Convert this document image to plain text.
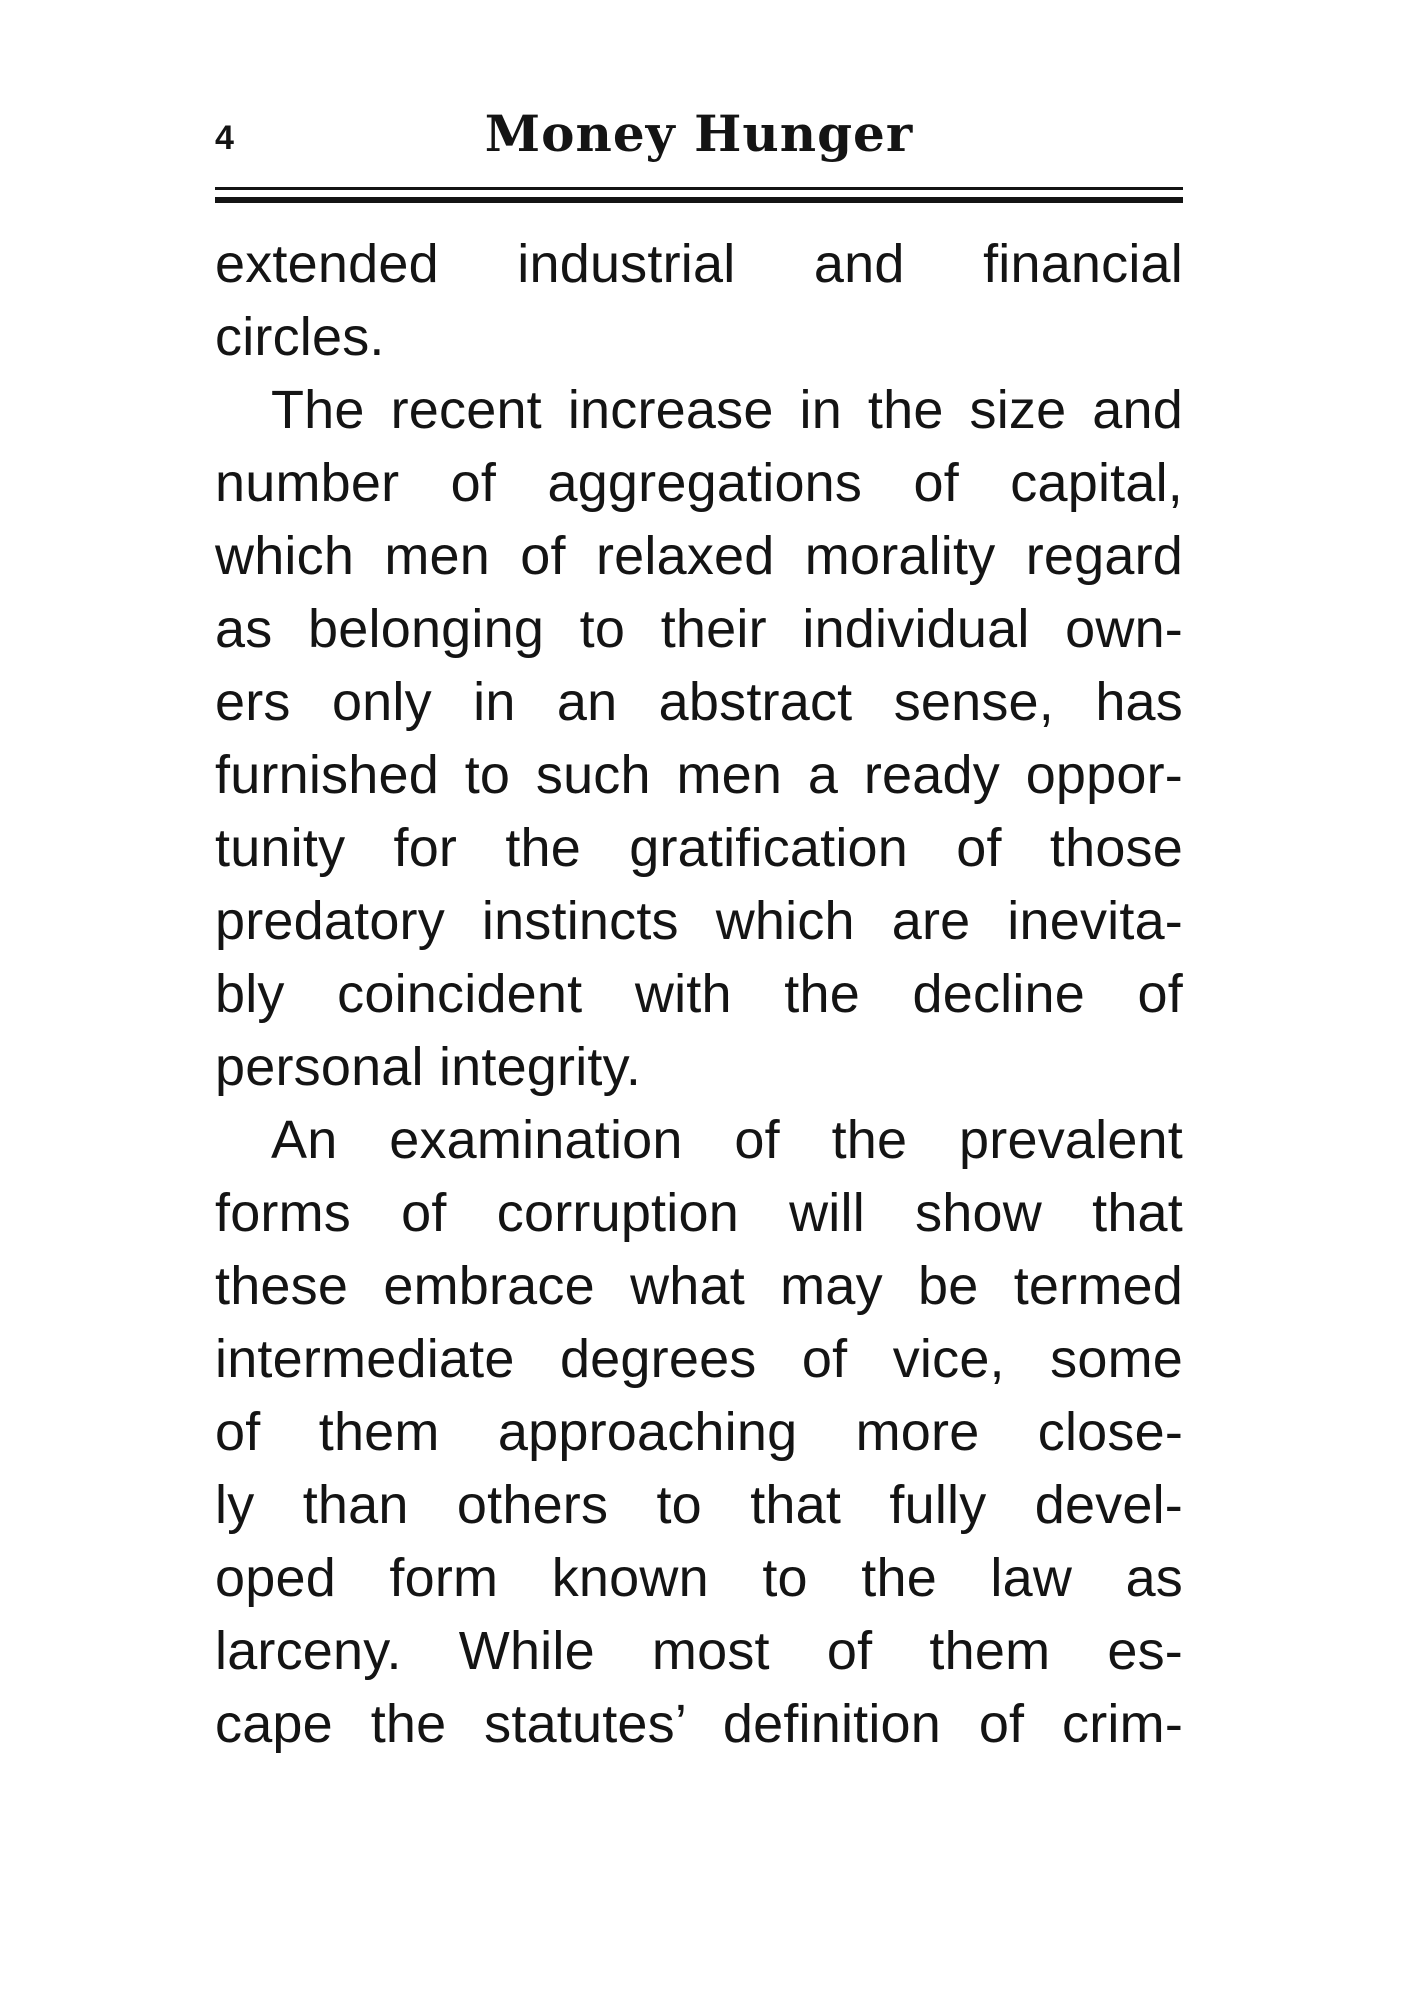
4	Money Hunger
extended industrial and financial
circles.
The recent increase in the size and
number of aggregations of capital,
which men of relaxed morality regard
as belonging to their individual own-
ers only in an abstract sense, has
furnished to such men a ready oppor-
tunity for the gratification of those
predatory instincts which are inevita-
bly coincident with the decline of
personal integrity.
An examination of the prevalent
forms of corruption will show that
these embrace what may be termed
intermediate degrees of vice, some
of them approaching more close-
ly than others to that fully devel-
oped form known to the law as
larceny. While most of them es-
cape the statutes’ definition of crim-
